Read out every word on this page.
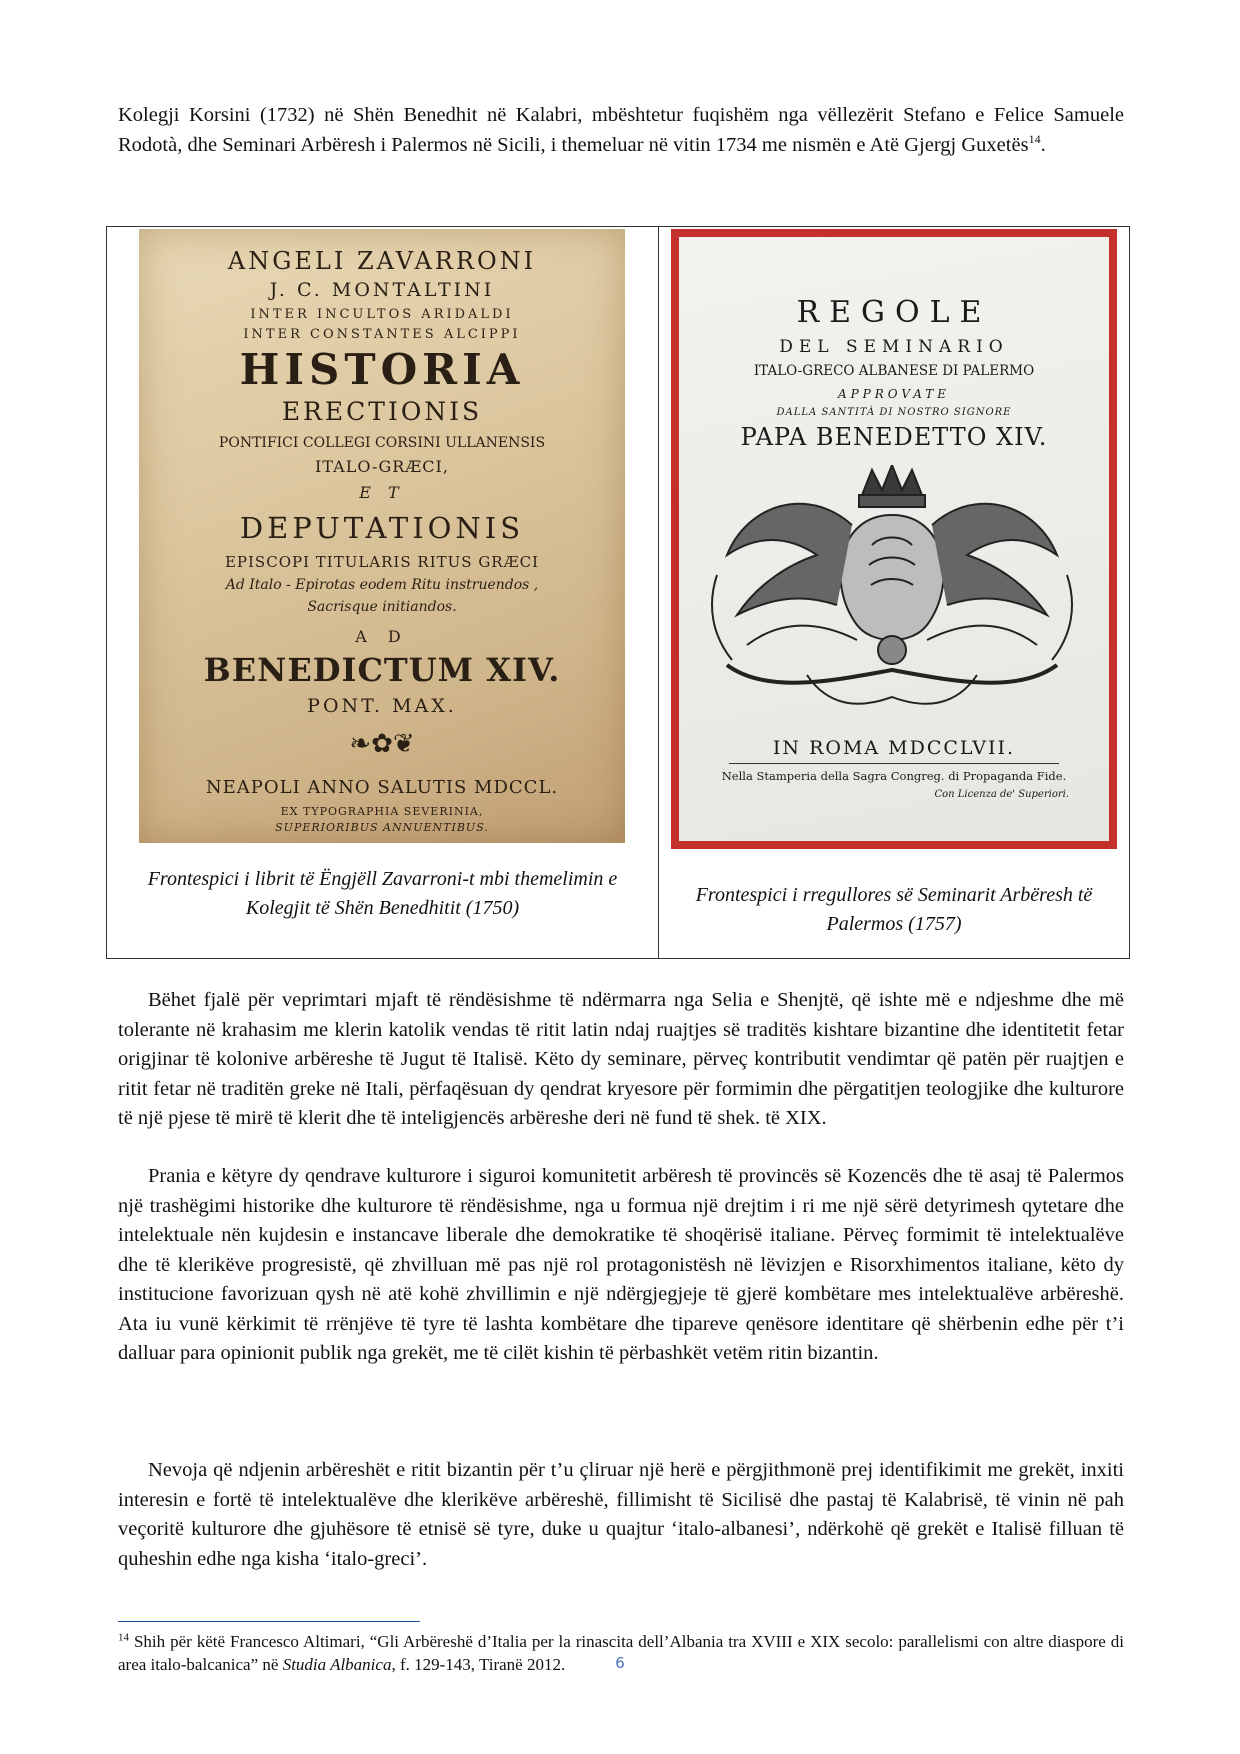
Kolegji Korsini (1732) në Shën Benedhit në Kalabri, mbështetur fuqishëm nga vëllezërit Stefano e Felice Samuele Rodotà, dhe Seminari Arbëresh i Palermos në Sicili, i themeluar në vitin 1734 me nismën e Atë Gjergj Guxetës$^{14}$.

ANGELI ZAVARRONI
J. C. MONTALTINI
INTER INCULTOS ARIDALDI
INTER CONSTANTES ALCIPPI
HISTORIA
ERECTIONIS
PONTIFICI COLLEGI CORSINI ULLANENSIS
ITALO-GRÆCI,
E T
DEPUTATIONIS
EPISCOPI TITULARIS RITUS GRÆCI
Ad Italo - Epirotas eodem Ritu instruendos ,
Sacrisque initiandos.
A D
BENEDICTUM XIV.
PONT. MAX.
❧✿❦
NEAPOLI ANNO SALUTIS MDCCL.
EX TYPOGRAPHIA SEVERINIA,
SUPERIORIBUS ANNUENTIBUS.
Frontespici i librit të Ëngjëll Zavarroni-t mbi themelimin e Kolegjit të Shën Benedhitit (1750)
REGOLE
DEL SEMINARIO
ITALO-GRECO ALBANESE DI PALERMO
APPROVATE
DALLA SANTITÀ DI NOSTRO SIGNORE
PAPA BENEDETTO XIV.
IN ROMA MDCCLVII.
Nella Stamperia della Sagra Congreg. di Propaganda Fide.
Con Licenza de' Superiori.
Frontespici i rregullores së Seminarit Arbëresh të Palermos (1757)

Bëhet fjalë për veprimtari mjaft të rëndësishme të ndërmarra nga Selia e Shenjtë, që ishte më e ndjeshme dhe më tolerante në krahasim me klerin katolik vendas të ritit latin ndaj ruajtjes së traditës kishtare bizantine dhe identitetit fetar origjinar të kolonive arbëreshe të Jugut të Italisë. Këto dy seminare, përveç kontributit vendimtar që patën për ruajtjen e ritit fetar në traditën greke në Itali, përfaqësuan dy qendrat kryesore për formimin dhe përgatitjen teologjike dhe kulturore të një pjese të mirë të klerit dhe të inteligjencës arbëreshe deri në fund të shek. të XIX.

Prania e këtyre dy qendrave kulturore i siguroi komunitetit arbëresh të provincës së Kozencës dhe të asaj të Palermos një trashëgimi historike dhe kulturore të rëndësishme, nga u formua një drejtim i ri me një sërë detyrimesh qytetare dhe intelektuale nën kujdesin e instancave liberale dhe demokratike të shoqërisë italiane. Përveç formimit të intelektualëve dhe të klerikëve progresistë, që zhvilluan më pas një rol protagonistësh në lëvizjen e Risorxhimentos italiane, këto dy institucione favorizuan qysh në atë kohë zhvillimin e një ndërgjegjeje të gjerë kombëtare mes intelektualëve arbëreshë. Ata iu vunë kërkimit të rrënjëve të tyre të lashta kombëtare dhe tipareve qenësore identitare që shërbenin edhe për t’i dalluar para opinionit publik nga grekët, me të cilët kishin të përbashkët vetëm ritin bizantin.

Nevoja që ndjenin arbëreshët e ritit bizantin për t’u çliruar një herë e përgjithmonë prej identifikimit me grekët, inxiti interesin e fortë të intelektualëve dhe klerikëve arbëreshë, fillimisht të Sicilisë dhe pastaj të Kalabrisë, të vinin në pah veçoritë kulturore dhe gjuhësore të etnisë së tyre, duke u quajtur ‘italo-albanesi’, ndërkohë që grekët e Italisë filluan të quheshin edhe nga kisha ‘italo-greci’.

$^{14}$ Shih për këtë Francesco Altimari, “Gli Arbëreshë d’Italia per la rinascita dell’Albania tra XVIII e XIX secolo: parallelismi con altre diaspore di area italo-balcanica” në Studia Albanica, f. 129-143, Tiranë 2012.	6
